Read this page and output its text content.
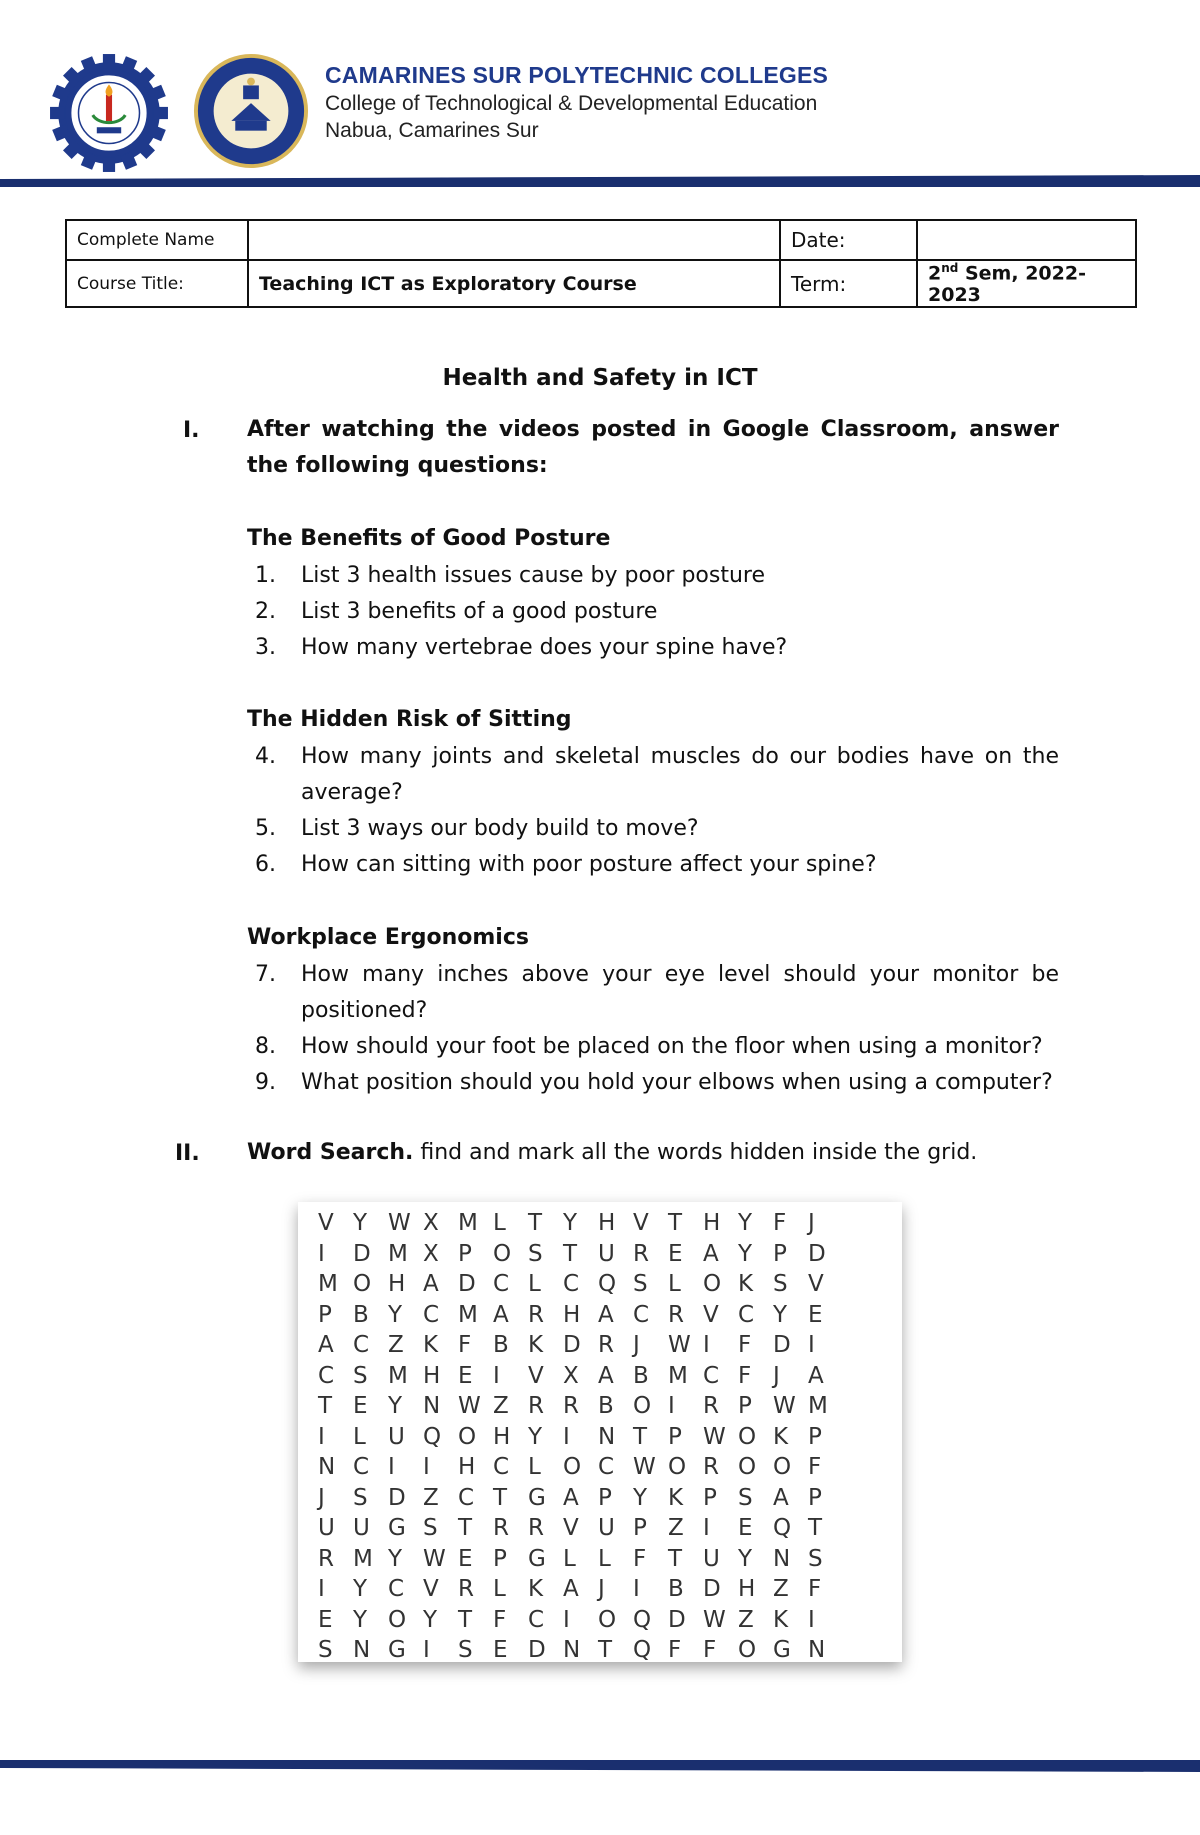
CAMARINES SUR POLYTECHNIC COLLEGES
College of Technological & Developmental Education
Nabua, Camarines Sur
Complete Name		Date:	
Course Title:	Teaching ICT as Exploratory Course	Term:	2nd Sem, 2022-2023
Health and Safety in ICT
I. After watching the videos posted in Google Classroom, answer the following questions:
The Benefits of Good Posture
1.	List 3 health issues cause by poor posture
2.	List 3 benefits of a good posture
3.	How many vertebrae does your spine have?
The Hidden Risk of Sitting
4.	How many joints and skeletal muscles do our bodies have on the average?
5.	List 3 ways our body build to move?
6.	How can sitting with poor posture affect your spine?
Workplace Ergonomics
7.	How many inches above your eye level should your monitor be positioned?
8.	How should your foot be placed on the floor when using a monitor?
9.	What position should you hold your elbows when using a computer?
II. Word Search. find and mark all the words hidden inside the grid.
V Y W X M L T Y H V T H Y F J
I D M X P O S T U R E A Y P D
M O H A D C L C Q S L O K S V
P B Y C M A R H A C R V C Y E
A C Z K F B K D R J W I F D I
C S M H E I V X A B M C F J A
T E Y N W Z R R B O I R P W M
I L U Q O H Y I N T P W O K P
N C I I H C L O C W O R O O F
J S D Z C T G A P Y K P S A P
U U G S T R R V U P Z I E Q T
R M Y W E P G L L F T U Y N S
I Y C V R L K A J I B D H Z F
E Y O Y T F C I O Q D W Z K I
S N G I S E D N T Q F F O G N
